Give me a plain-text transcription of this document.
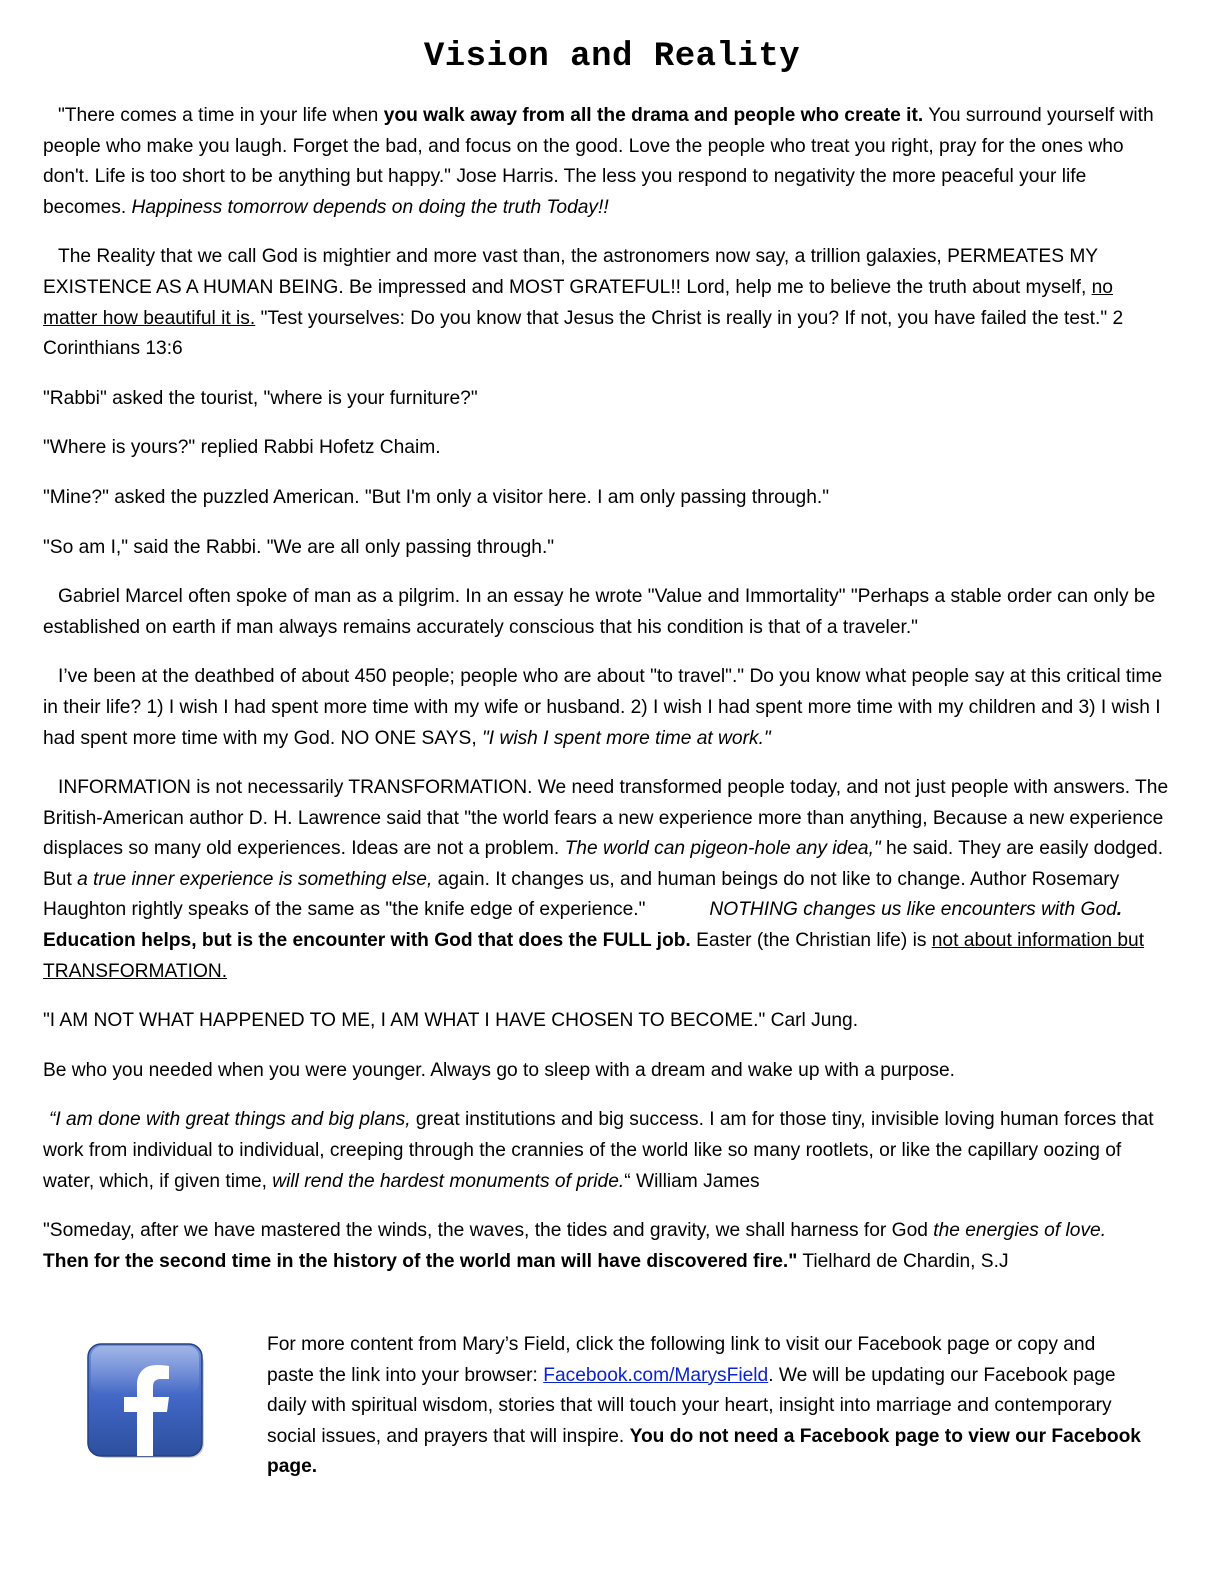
Vision and Reality

"There comes a time in your life when you walk away from all the drama and people who create it. You surround yourself with people who make you laugh. Forget the bad, and focus on the good. Love the people who treat you right, pray for the ones who don't. Life is too short to be anything but happy." Jose Harris. The less you respond to negativity the more peaceful your life becomes. Happiness tomorrow depends on doing the truth Today!!

The Reality that we call God is mightier and more vast than, the astronomers now say, a trillion galaxies, PERMEATES MY EXISTENCE AS A HUMAN BEING. Be impressed and MOST GRATEFUL!! Lord, help me to believe the truth about myself, no matter how beautiful it is. "Test yourselves: Do you know that Jesus the Christ is really in you? If not, you have failed the test." 2 Corinthians 13:6

"Rabbi" asked the tourist, "where is your furniture?"

"Where is yours?" replied Rabbi Hofetz Chaim.

"Mine?" asked the puzzled American. "But I'm only a visitor here. I am only passing through."

"So am I," said the Rabbi. "We are all only passing through."

Gabriel Marcel often spoke of man as a pilgrim. In an essay he wrote "Value and Immortality" "Perhaps a stable order can only be established on earth if man always remains accurately conscious that his condition is that of a traveler."

I’ve been at the deathbed of about 450 people; people who are about "to travel"." Do you know what people say at this critical time in their life? 1) I wish I had spent more time with my wife or husband. 2) I wish I had spent more time with my children and 3) I wish I had spent more time with my God. NO ONE SAYS, "I wish I spent more time at work."

INFORMATION is not necessarily TRANSFORMATION. We need transformed people today, and not just people with answers. The British-American author D. H. Lawrence said that "the world fears a new experience more than anything, Because a new experience displaces so many old experiences. Ideas are not a problem. The world can pigeon-hole any idea," he said. They are easily dodged. But a true inner experience is something else, again. It changes us, and human beings do not like to change. Author Rosemary Haughton rightly speaks of the same as "the knife edge of experience."	NOTHING changes us like encounters with God. Education helps, but is the encounter with God that does the FULL job. Easter (the Christian life) is not about information but TRANSFORMATION.

"I AM NOT WHAT HAPPENED TO ME, I AM WHAT I HAVE CHOSEN TO BECOME." Carl Jung.

Be who you needed when you were younger. Always go to sleep with a dream and wake up with a purpose.

“I am done with great things and big plans, great institutions and big success. I am for those tiny, invisible loving human forces that work from individual to individual, creeping through the crannies of the world like so many rootlets, or like the capillary oozing of water, which, if given time, will rend the hardest monuments of pride.“ William James

"Someday, after we have mastered the winds, the waves, the tides and gravity, we shall harness for God the energies of love.
Then for the second time in the history of the world man will have discovered fire." Tielhard de Chardin, S.J

For more content from Mary’s Field, click the following link to visit our Facebook page or copy and paste the link into your browser: Facebook.com/MarysField. We will be updating our Facebook page daily with spiritual wisdom, stories that will touch your heart, insight into marriage and contemporary social issues, and prayers that will inspire. You do not need a Facebook page to view our Facebook page.
